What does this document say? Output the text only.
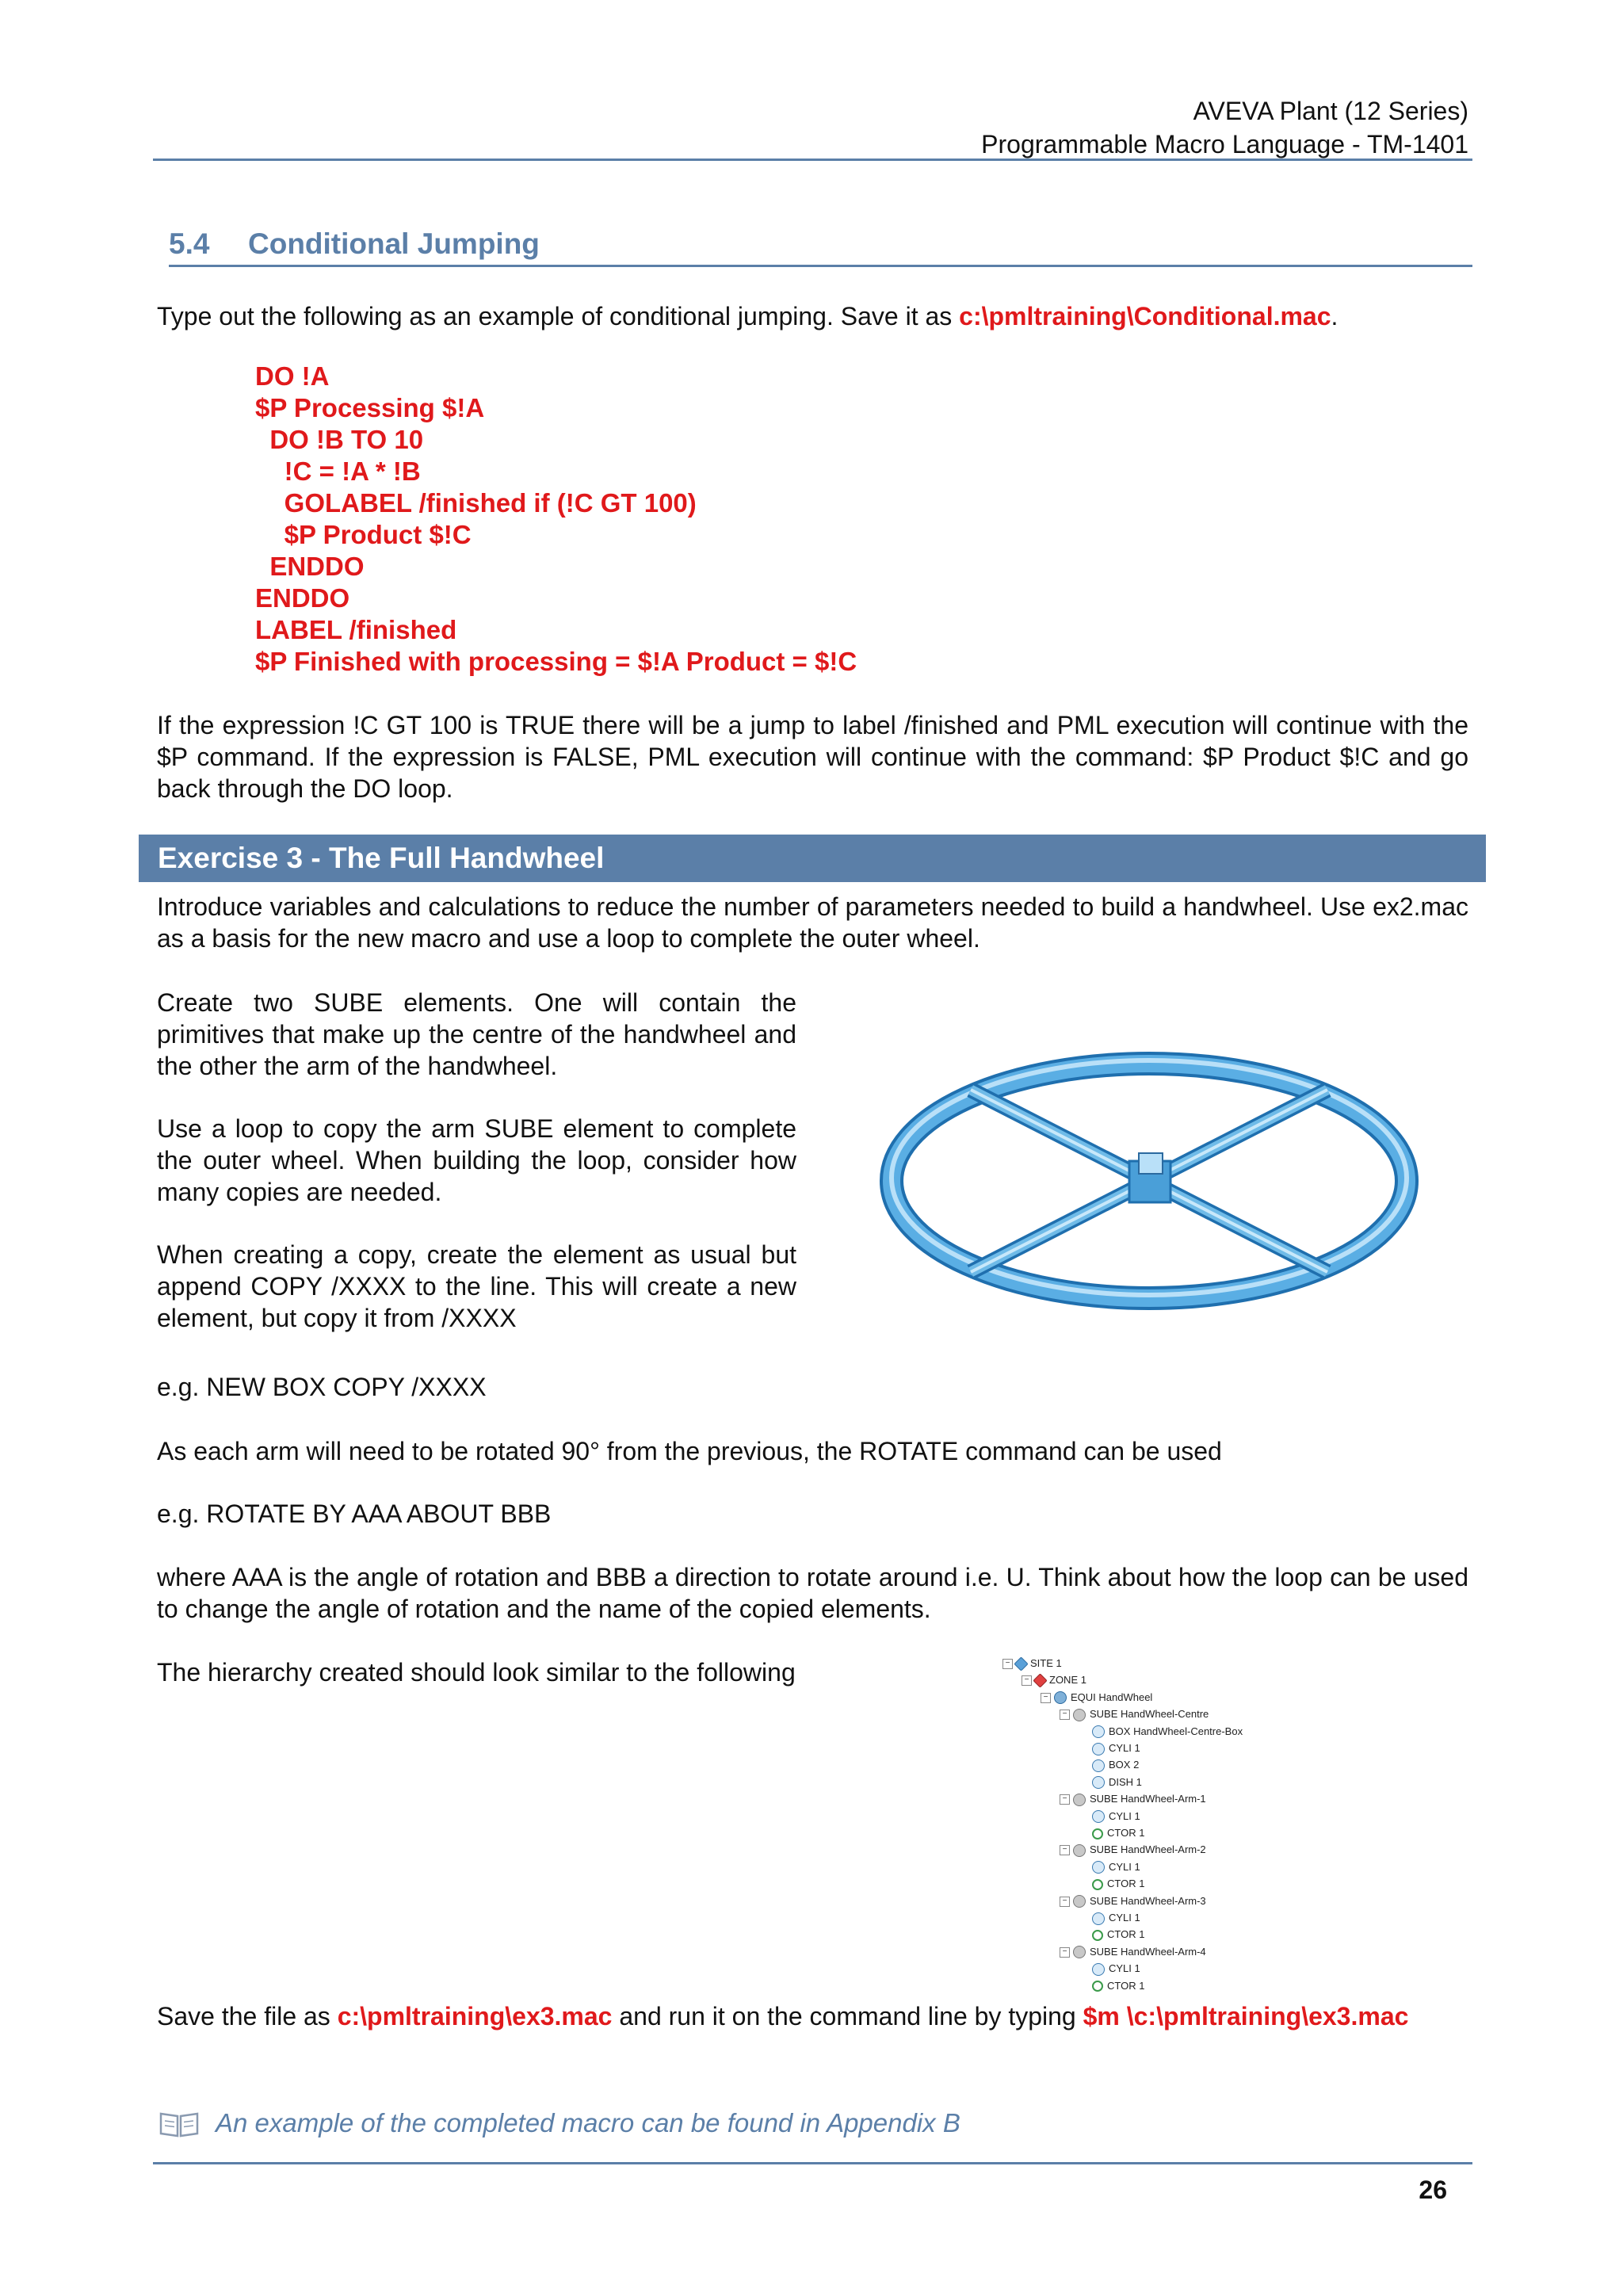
AVEVA Plant (12 Series)
Programmable Macro Language - TM-1401
5.4 Conditional Jumping
Type out the following as an example of conditional jumping. Save it as c:\pmltraining\Conditional.mac.
DO !A
$P Processing $!A
DO !B TO 10
!C = !A * !B
GOLABEL /finished if (!C GT 100)
$P Product $!C
ENDDO
ENDDO
LABEL /finished
$P Finished with processing = $!A Product = $!C
If the expression !C GT 100 is TRUE there will be a jump to label /finished and PML execution will continue with the $P command. If the expression is FALSE, PML execution will continue with the command: $P Product $!C and go back through the DO loop.
Exercise 3 - The Full Handwheel
Introduce variables and calculations to reduce the number of parameters needed to build a handwheel. Use ex2.mac as a basis for the new macro and use a loop to complete the outer wheel.
Create two SUBE elements. One will contain the primitives that make up the centre of the handwheel and the other the arm of the handwheel.
Use a loop to copy the arm SUBE element to complete the outer wheel. When building the loop, consider how many copies are needed.
When creating a copy, create the element as usual but append COPY /XXXX to the line. This will create a new element, but copy it from /XXXX
e.g. NEW BOX COPY /XXXX
As each arm will need to be rotated 90° from the previous, the ROTATE command can be used
e.g. ROTATE BY AAA ABOUT BBB
where AAA is the angle of rotation and BBB a direction to rotate around i.e. U. Think about how the loop can be used to change the angle of rotation and the name of the copied elements.
The hierarchy created should look similar to the following	− SITE 1
− ZONE 1
− EQUI HandWheel
− SUBE HandWheel-Centre
BOX HandWheel-Centre-Box
CYLI 1
BOX 2
DISH 1
− SUBE HandWheel-Arm-1
CYLI 1
CTOR 1
− SUBE HandWheel-Arm-2
CYLI 1
CTOR 1
− SUBE HandWheel-Arm-3
CYLI 1
CTOR 1
− SUBE HandWheel-Arm-4
CYLI 1
CTOR 1
Save the file as c:\pmltraining\ex3.mac and run it on the command line by typing $m \c:\pmltraining\ex3.mac
An example of the completed macro can be found in Appendix B
26
